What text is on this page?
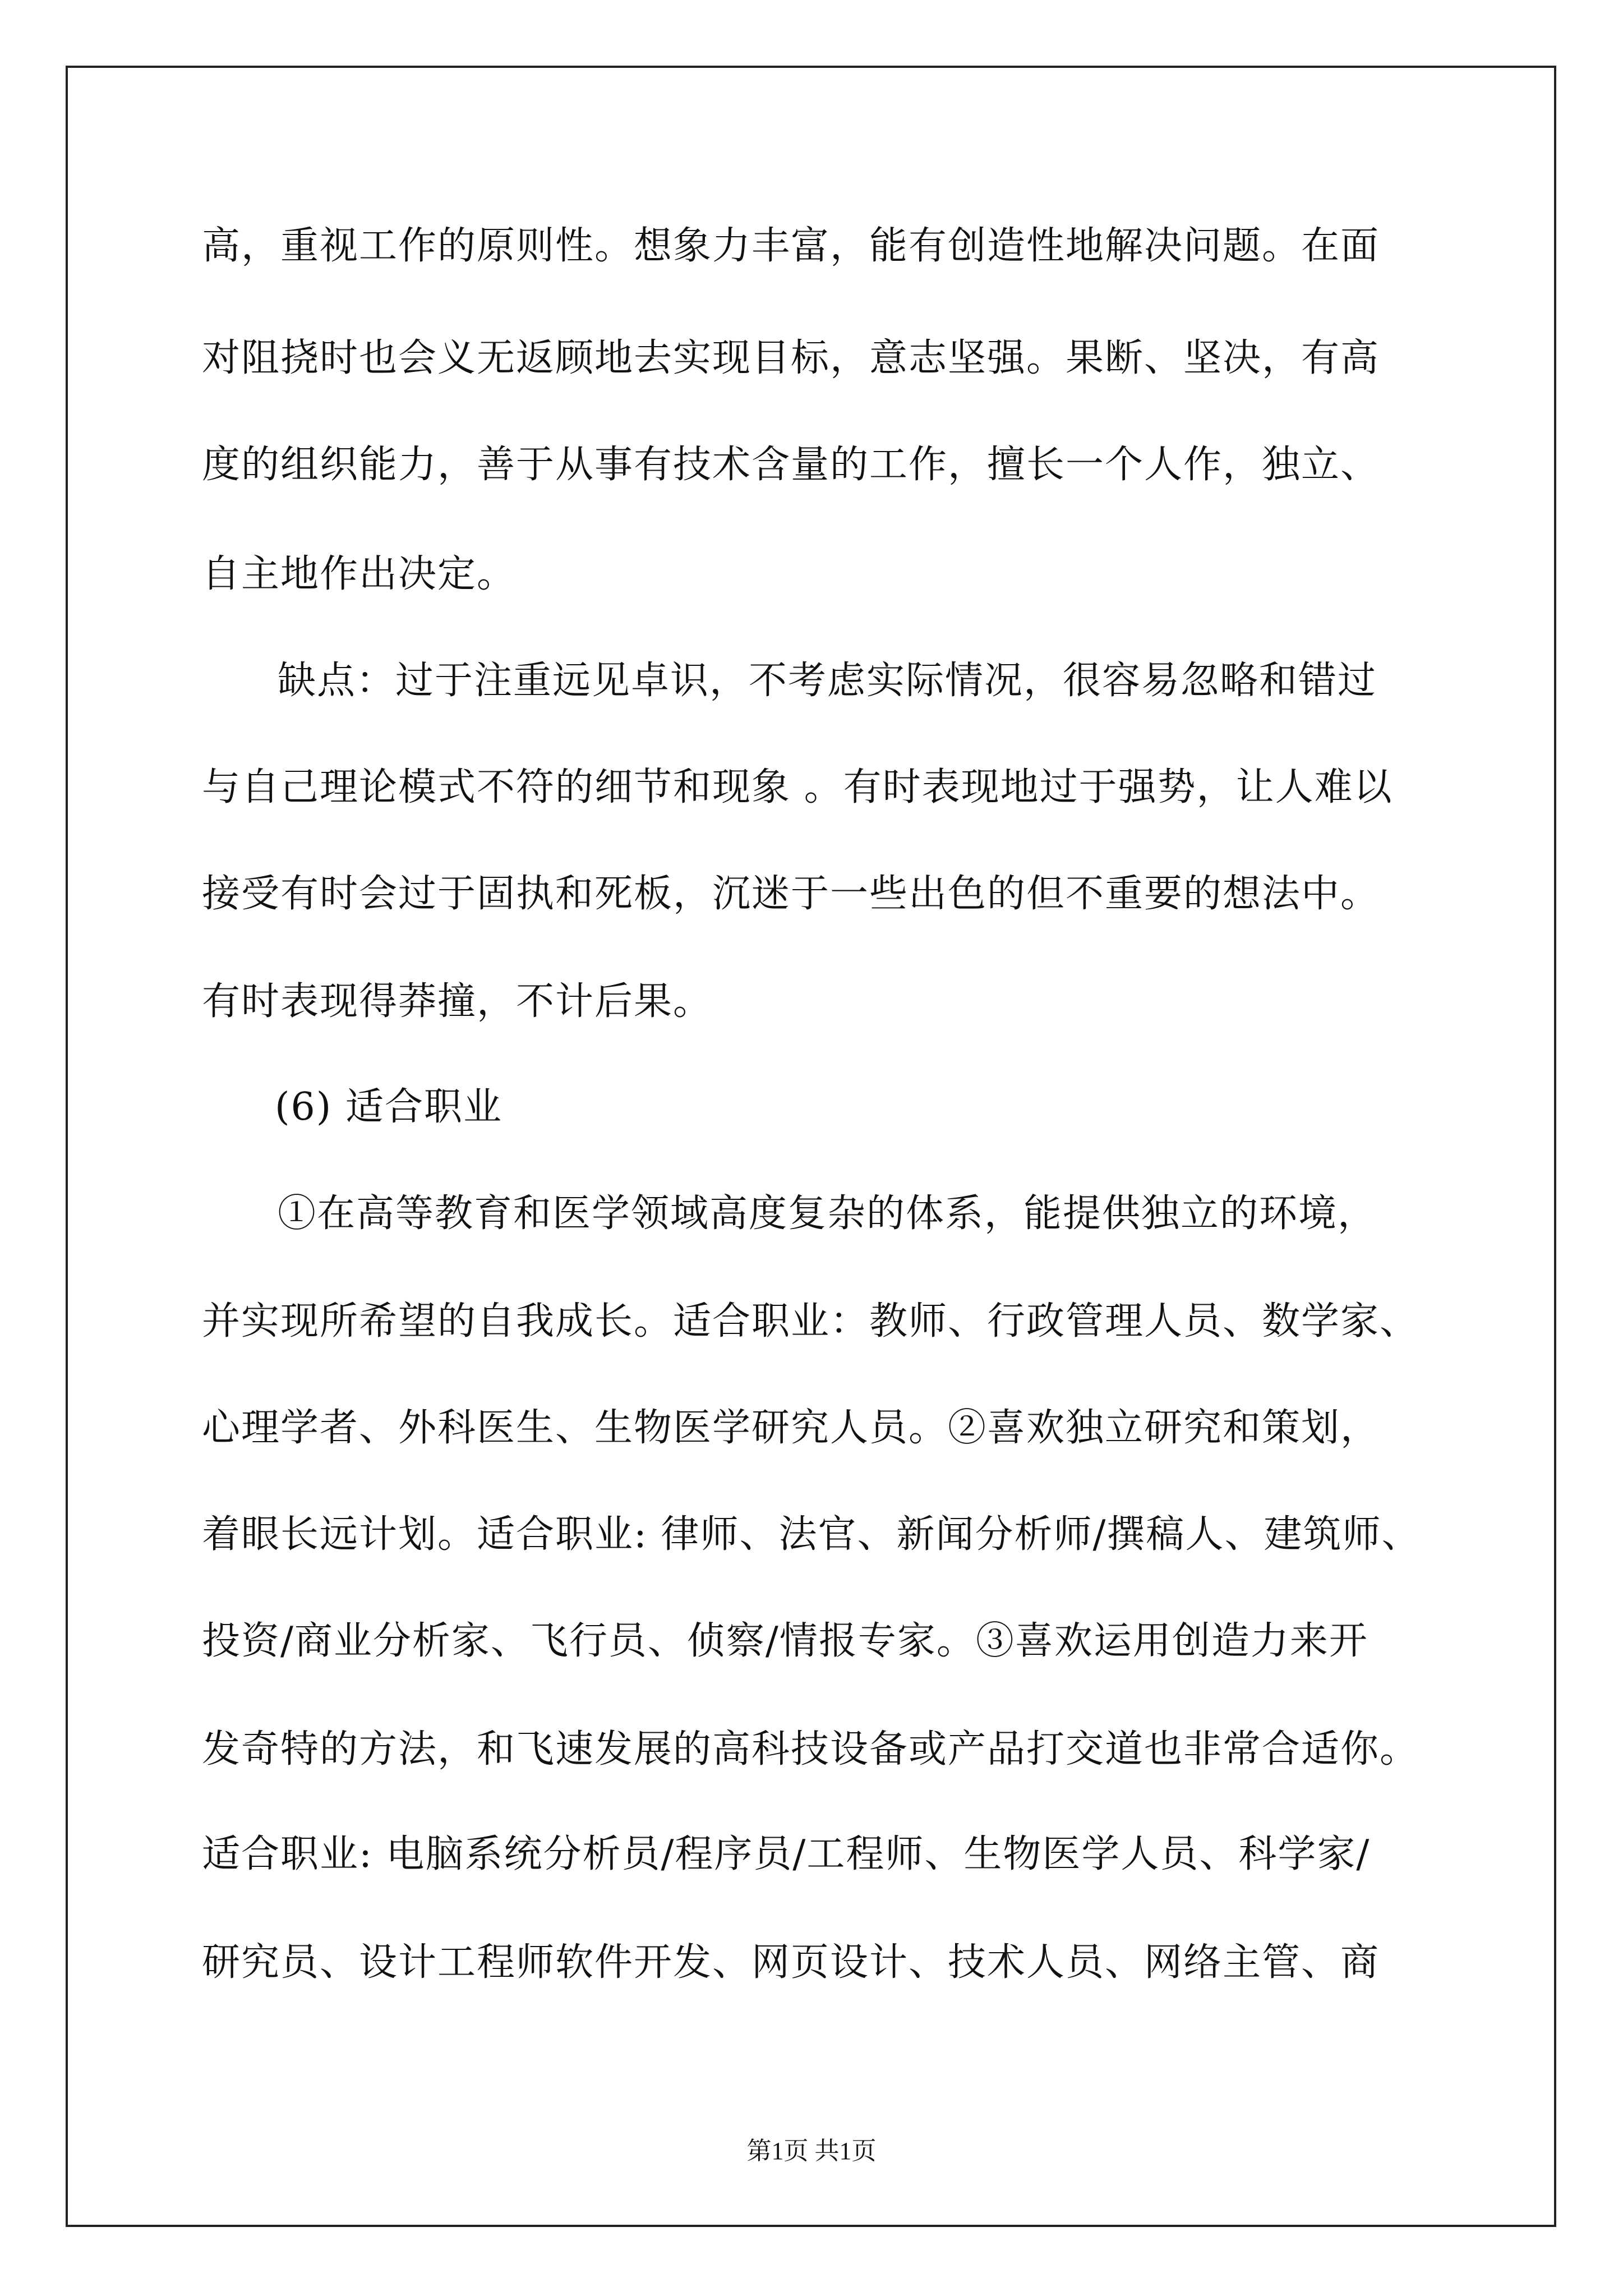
高，重视工作的原则性。想象力丰富，能有创造性地解决问题。在面
对阻挠时也会义无返顾地去实现目标，意志坚强。果断、坚决，有高
度的组织能力，善于从事有技术含量的工作，擅长一个人作，独立、
自主地作出决定。
缺点：过于注重远见卓识，不考虑实际情况，很容易忽略和错过
与自己理论模式不符的细节和现象 。有时表现地过于强势，让人难以
接受有时会过于固执和死板，沉迷于一些出色的但不重要的想法中。
有时表现得莽撞，不计后果。
(6) 适合职业
①在高等教育和医学领域高度复杂的体系，能提供独立的环境，
并实现所希望的自我成长。适合职业：教师、行政管理人员、数学家、
心理学者、外科医生、生物医学研究人员。②喜欢独立研究和策划，
着眼长远计划。适合职业: 律师、法官、新闻分析师/撰稿人、建筑师、
投资/商业分析家、飞行员、侦察/情报专家。③喜欢运用创造力来开
发奇特的方法，和飞速发展的高科技设备或产品打交道也非常合适你。
适合职业: 电脑系统分析员/程序员/工程师、生物医学人员、科学家/
研究员、设计工程师软件开发、网页设计、技术人员、网络主管、商
第1页 共1页
